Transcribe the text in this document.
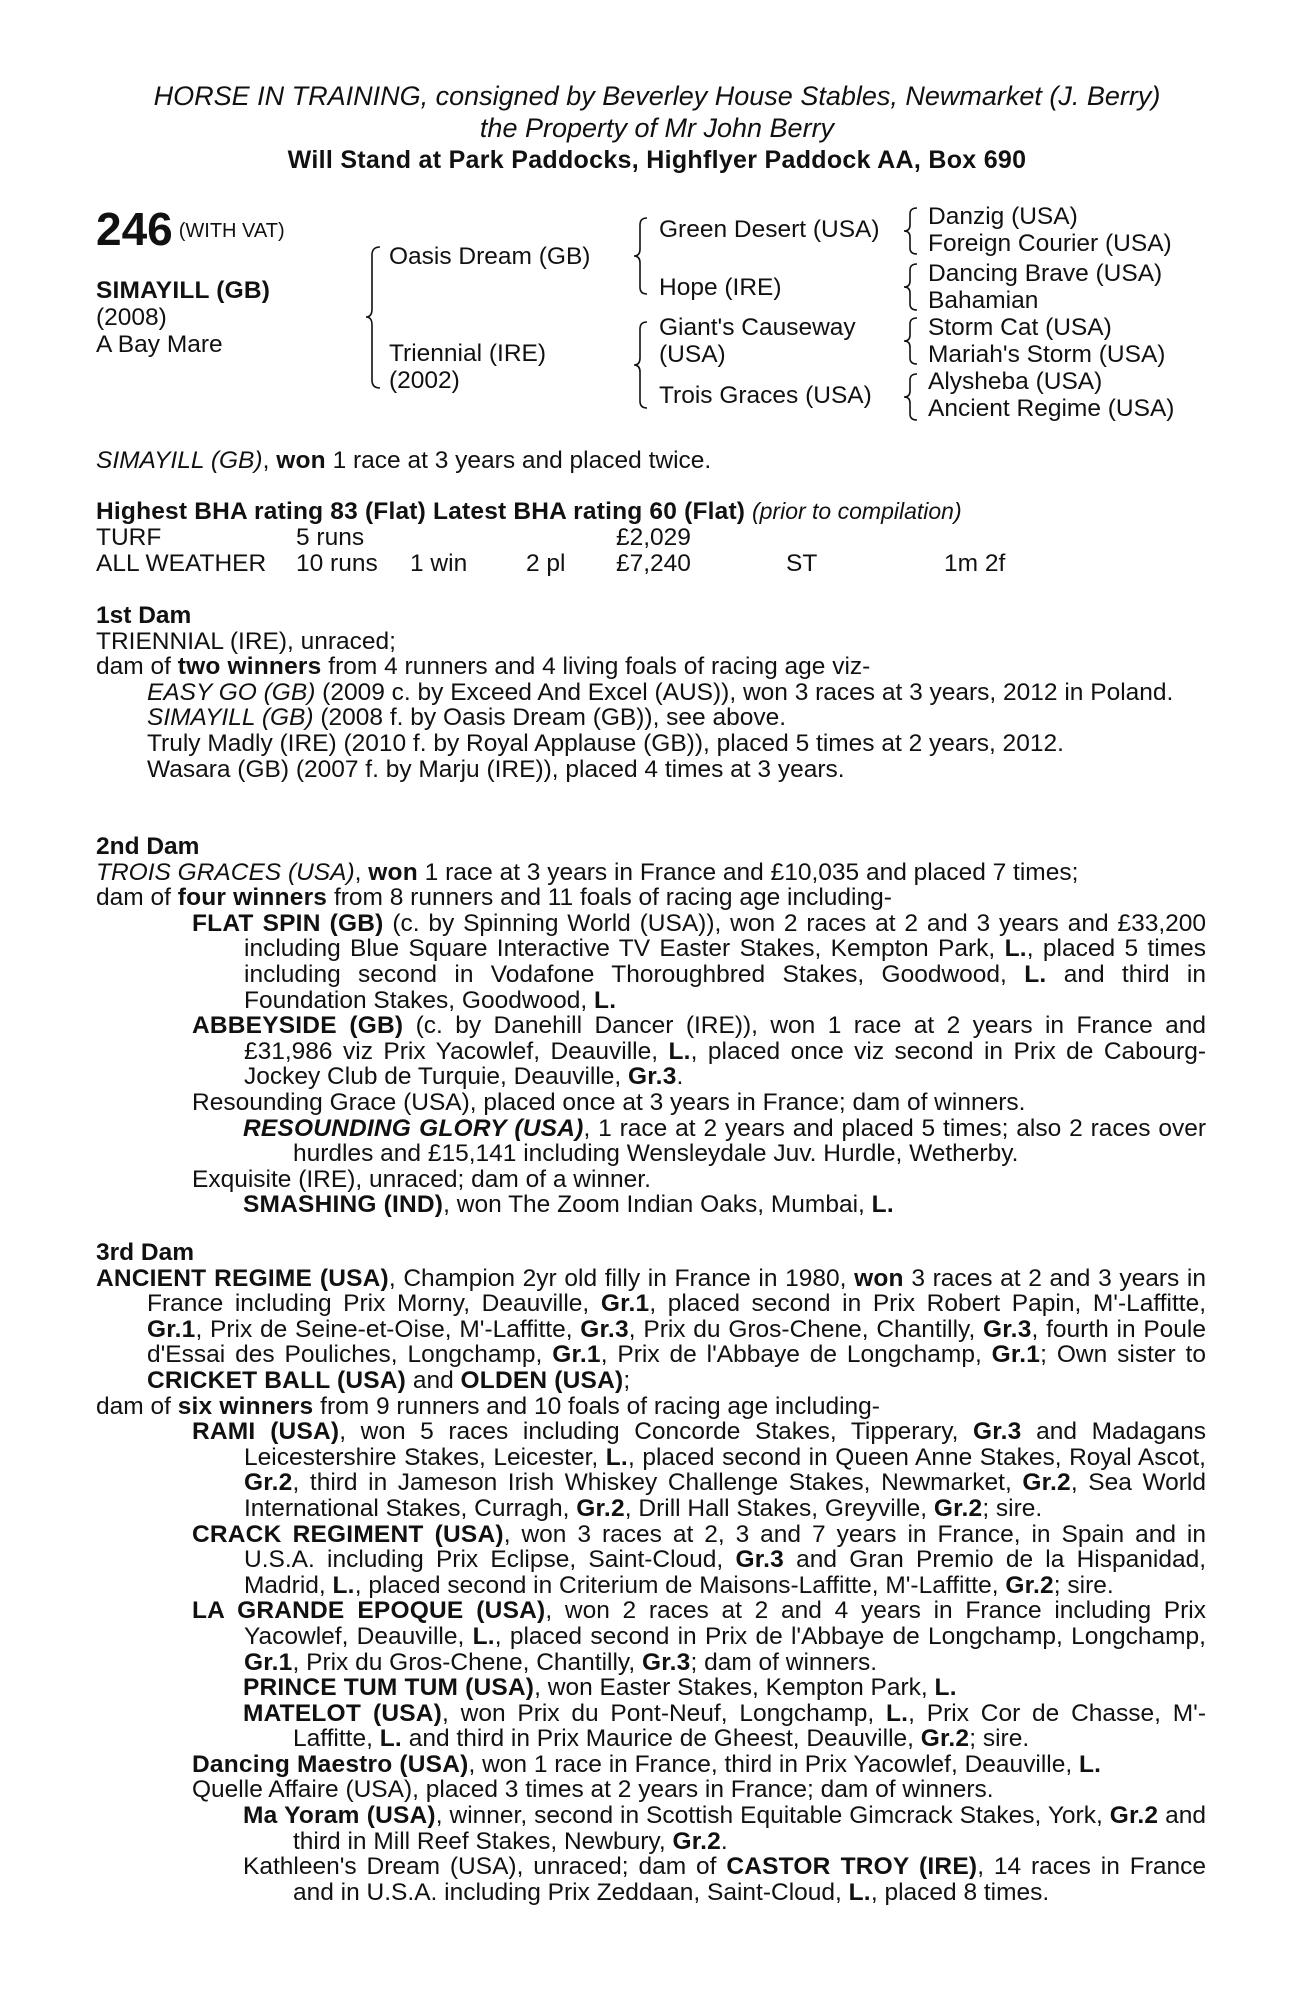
HORSE IN TRAINING, consigned by Beverley House Stables, Newmarket (J. Berry)
the Property of Mr John Berry
Will Stand at Park Paddocks, Highflyer Paddock AA, Box 690
246 (WITH VAT)
SIMAYILL (GB)
(2008)
A Bay Mare
Oasis Dream (GB)
Triennial (IRE)
(2002)
Green Desert (USA)
Hope (IRE)
Giant's Causeway
(USA)
Trois Graces (USA)
Danzig (USA)
Foreign Courier (USA)
Dancing Brave (USA)
Bahamian
Storm Cat (USA)
Mariah's Storm (USA)
Alysheba (USA)
Ancient Regime (USA)
SIMAYILL (GB), won 1 race at 3 years and placed twice.
Highest BHA rating 83 (Flat) Latest BHA rating 60 (Flat) (prior to compilation)
TURF	5 runs	£2,029
ALL WEATHER 10 runs 1 win 2 pl £7,240	ST	1m 2f
1st Dam
TRIENNIAL (IRE), unraced;
dam of two winners from 4 runners and 4 living foals of racing age viz-
EASY GO (GB) (2009 c. by Exceed And Excel (AUS)), won 3 races at 3 years, 2012 in Poland.
SIMAYILL (GB) (2008 f. by Oasis Dream (GB)), see above.
Truly Madly (IRE) (2010 f. by Royal Applause (GB)), placed 5 times at 2 years, 2012.
Wasara (GB) (2007 f. by Marju (IRE)), placed 4 times at 3 years.
2nd Dam
TROIS GRACES (USA), won 1 race at 3 years in France and £10,035 and placed 7 times;
dam of four winners from 8 runners and 11 foals of racing age including-
FLAT SPIN (GB) (c. by Spinning World (USA)), won 2 races at 2 and 3 years and £33,200 including Blue Square Interactive TV Easter Stakes, Kempton Park, L., placed 5 times including second in Vodafone Thoroughbred Stakes, Goodwood, L. and third in Foundation Stakes, Goodwood, L.
ABBEYSIDE (GB) (c. by Danehill Dancer (IRE)), won 1 race at 2 years in France and £31,986 viz Prix Yacowlef, Deauville, L., placed once viz second in Prix de Cabourg-Jockey Club de Turquie, Deauville, Gr.3.
Resounding Grace (USA), placed once at 3 years in France; dam of winners.
RESOUNDING GLORY (USA), 1 race at 2 years and placed 5 times; also 2 races over hurdles and £15,141 including Wensleydale Juv. Hurdle, Wetherby.
Exquisite (IRE), unraced; dam of a winner.
SMASHING (IND), won The Zoom Indian Oaks, Mumbai, L.
3rd Dam
ANCIENT REGIME (USA), Champion 2yr old filly in France in 1980, won 3 races at 2 and 3 years in France including Prix Morny, Deauville, Gr.1, placed second in Prix Robert Papin, M'-Laffitte, Gr.1, Prix de Seine-et-Oise, M'-Laffitte, Gr.3, Prix du Gros-Chene, Chantilly, Gr.3, fourth in Poule d'Essai des Pouliches, Longchamp, Gr.1, Prix de l'Abbaye de Longchamp, Gr.1; Own sister to CRICKET BALL (USA) and OLDEN (USA);
dam of six winners from 9 runners and 10 foals of racing age including-
RAMI (USA), won 5 races including Concorde Stakes, Tipperary, Gr.3 and Madagans Leicestershire Stakes, Leicester, L., placed second in Queen Anne Stakes, Royal Ascot, Gr.2, third in Jameson Irish Whiskey Challenge Stakes, Newmarket, Gr.2, Sea World International Stakes, Curragh, Gr.2, Drill Hall Stakes, Greyville, Gr.2; sire.
CRACK REGIMENT (USA), won 3 races at 2, 3 and 7 years in France, in Spain and in U.S.A. including Prix Eclipse, Saint-Cloud, Gr.3 and Gran Premio de la Hispanidad, Madrid, L., placed second in Criterium de Maisons-Laffitte, M'-Laffitte, Gr.2; sire.
LA GRANDE EPOQUE (USA), won 2 races at 2 and 4 years in France including Prix Yacowlef, Deauville, L., placed second in Prix de l'Abbaye de Longchamp, Longchamp, Gr.1, Prix du Gros-Chene, Chantilly, Gr.3; dam of winners.
PRINCE TUM TUM (USA), won Easter Stakes, Kempton Park, L.
MATELOT (USA), won Prix du Pont-Neuf, Longchamp, L., Prix Cor de Chasse, M'-Laffitte, L. and third in Prix Maurice de Gheest, Deauville, Gr.2; sire.
Dancing Maestro (USA), won 1 race in France, third in Prix Yacowlef, Deauville, L.
Quelle Affaire (USA), placed 3 times at 2 years in France; dam of winners.
Ma Yoram (USA), winner, second in Scottish Equitable Gimcrack Stakes, York, Gr.2 and third in Mill Reef Stakes, Newbury, Gr.2.
Kathleen's Dream (USA), unraced; dam of CASTOR TROY (IRE), 14 races in France and in U.S.A. including Prix Zeddaan, Saint-Cloud, L., placed 8 times.
